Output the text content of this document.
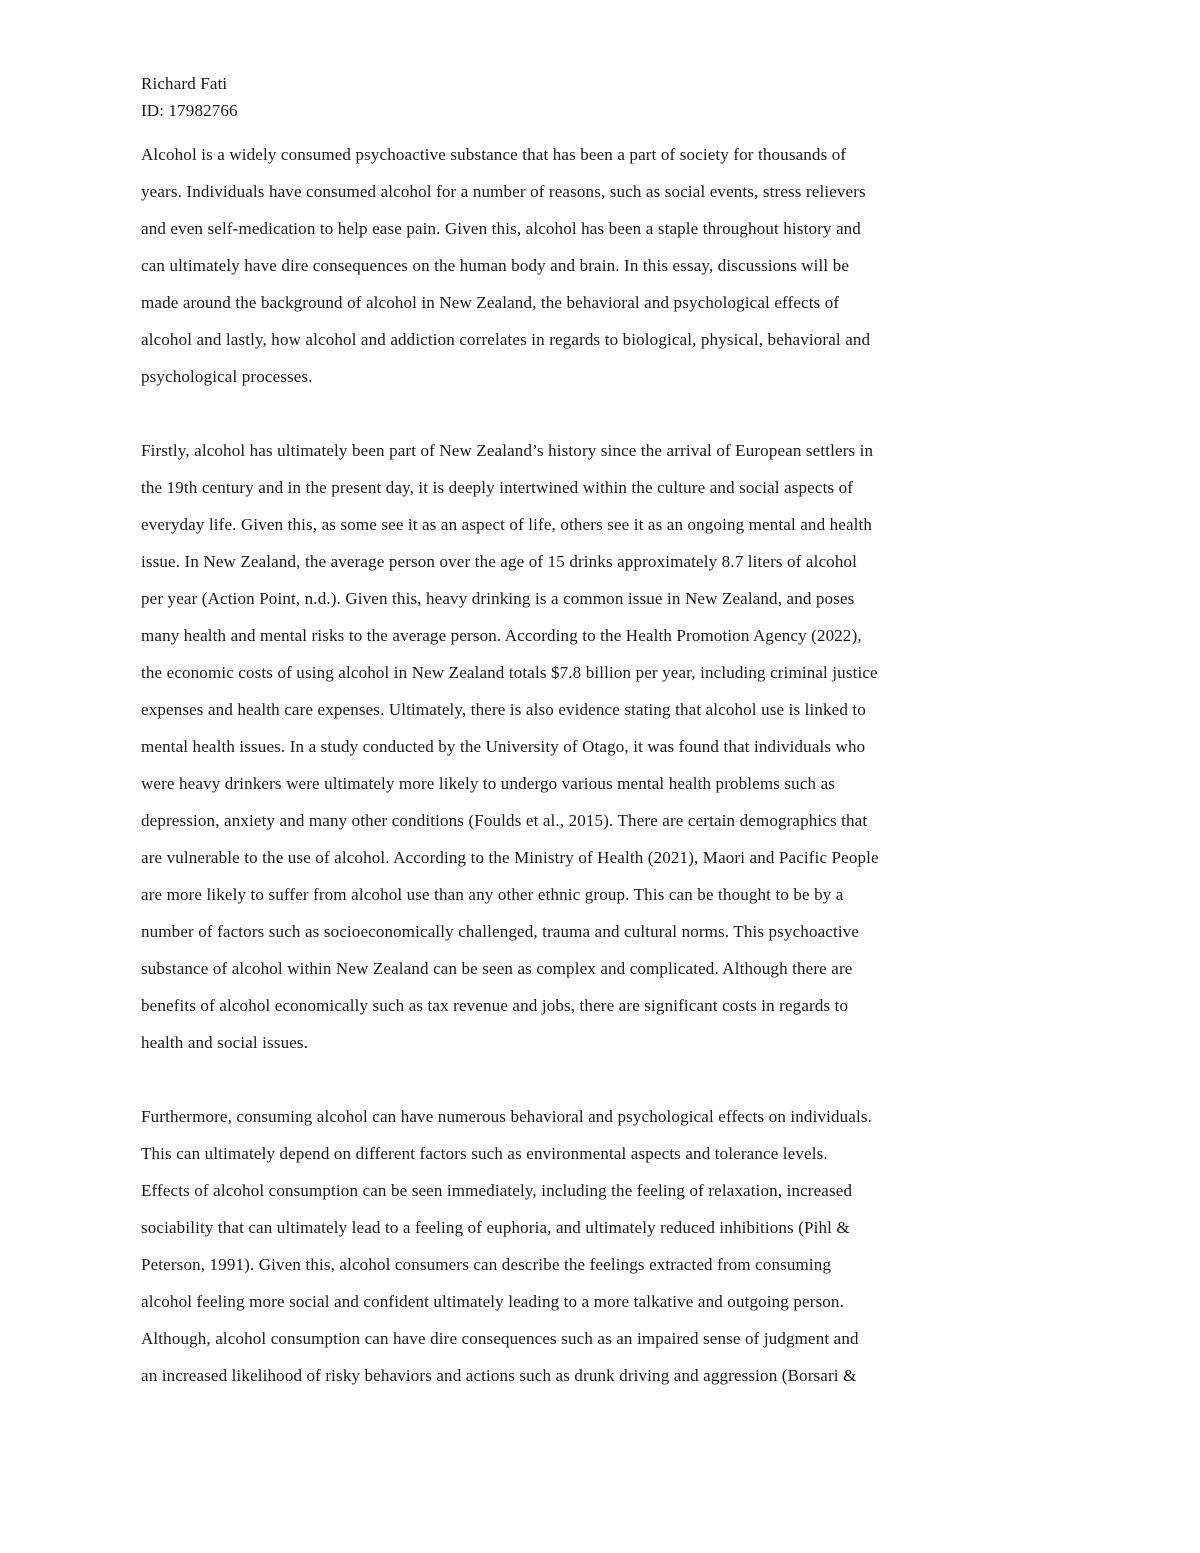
Richard Fati
ID: 17982766
Alcohol is a widely consumed psychoactive substance that has been a part of society for thousands of
years. Individuals have consumed alcohol for a number of reasons, such as social events, stress relievers
and even self-medication to help ease pain. Given this, alcohol has been a staple throughout history and
can ultimately have dire consequences on the human body and brain. In this essay, discussions will be
made around the background of alcohol in New Zealand, the behavioral and psychological effects of
alcohol and lastly, how alcohol and addiction correlates in regards to biological, physical, behavioral and
psychological processes.
Firstly, alcohol has ultimately been part of New Zealand’s history since the arrival of European settlers in
the 19th century and in the present day, it is deeply intertwined within the culture and social aspects of
everyday life. Given this, as some see it as an aspect of life, others see it as an ongoing mental and health
issue. In New Zealand, the average person over the age of 15 drinks approximately 8.7 liters of alcohol
per year (Action Point, n.d.). Given this, heavy drinking is a common issue in New Zealand, and poses
many health and mental risks to the average person. According to the Health Promotion Agency (2022),
the economic costs of using alcohol in New Zealand totals $7.8 billion per year, including criminal justice
expenses and health care expenses. Ultimately, there is also evidence stating that alcohol use is linked to
mental health issues. In a study conducted by the University of Otago, it was found that individuals who
were heavy drinkers were ultimately more likely to undergo various mental health problems such as
depression, anxiety and many other conditions (Foulds et al., 2015). There are certain demographics that
are vulnerable to the use of alcohol. According to the Ministry of Health (2021), Maori and Pacific People
are more likely to suffer from alcohol use than any other ethnic group. This can be thought to be by a
number of factors such as socioeconomically challenged, trauma and cultural norms. This psychoactive
substance of alcohol within New Zealand can be seen as complex and complicated. Although there are
benefits of alcohol economically such as tax revenue and jobs, there are significant costs in regards to
health and social issues.
Furthermore, consuming alcohol can have numerous behavioral and psychological effects on individuals.
This can ultimately depend on different factors such as environmental aspects and tolerance levels.
Effects of alcohol consumption can be seen immediately, including the feeling of relaxation, increased
sociability that can ultimately lead to a feeling of euphoria, and ultimately reduced inhibitions (Pihl &
Peterson, 1991). Given this, alcohol consumers can describe the feelings extracted from consuming
alcohol feeling more social and confident ultimately leading to a more talkative and outgoing person.
Although, alcohol consumption can have dire consequences such as an impaired sense of judgment and
an increased likelihood of risky behaviors and actions such as drunk driving and aggression (Borsari &
